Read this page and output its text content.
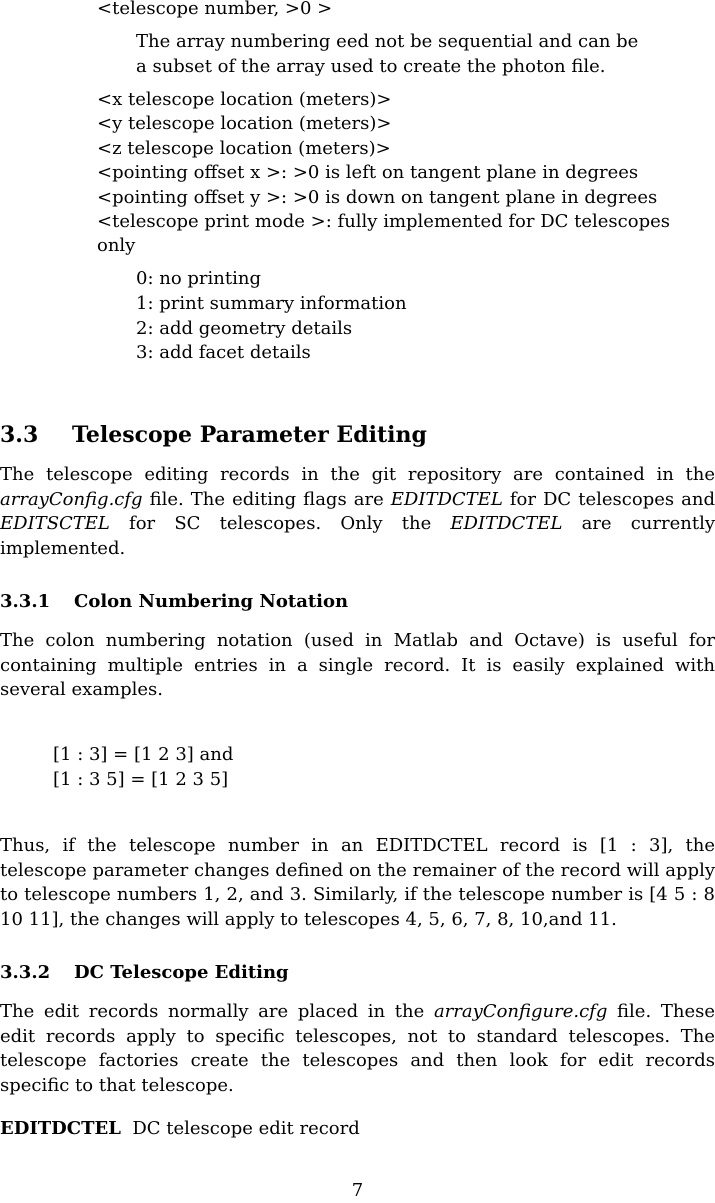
<telescope number, >0 >
The array numbering eed not be sequential and can be
a subset of the array used to create the photon file.
<x telescope location (meters)>
<y telescope location (meters)>
<z telescope location (meters)>
<pointing offset x >: >0 is left on tangent plane in degrees
<pointing offset y >: >0 is down on tangent plane in degrees
<telescope print mode >: fully implemented for DC telescopes
only
0: no printing
1: print summary information
2: add geometry details
3: add facet details
3.3 Telescope Parameter Editing
The telescope editing records in the git repository are contained in the arrayConfig.cfg file. The editing flags are EDITDCTEL for DC telescopes and EDITSCTEL for SC telescopes. Only the EDITDCTEL are currently implemented.
3.3.1 Colon Numbering Notation
The colon numbering notation (used in Matlab and Octave) is useful for containing multiple entries in a single record. It is easily explained with several examples.
[1 : 3] = [1 2 3] and
[1 : 3 5] = [1 2 3 5]
Thus, if the telescope number in an EDITDCTEL record is [1 : 3], the telescope parameter changes defined on the remainer of the record will apply to telescope numbers 1, 2, and 3. Similarly, if the telescope number is [4 5 : 8 10 11], the changes will apply to telescopes 4, 5, 6, 7, 8, 10,and 11.
3.3.2 DC Telescope Editing
The edit records normally are placed in the arrayConfigure.cfg file. These edit records apply to specific telescopes, not to standard telescopes. The telescope factories create the telescopes and then look for edit records specific to that telescope.
EDITDCTEL DC telescope edit record
7
